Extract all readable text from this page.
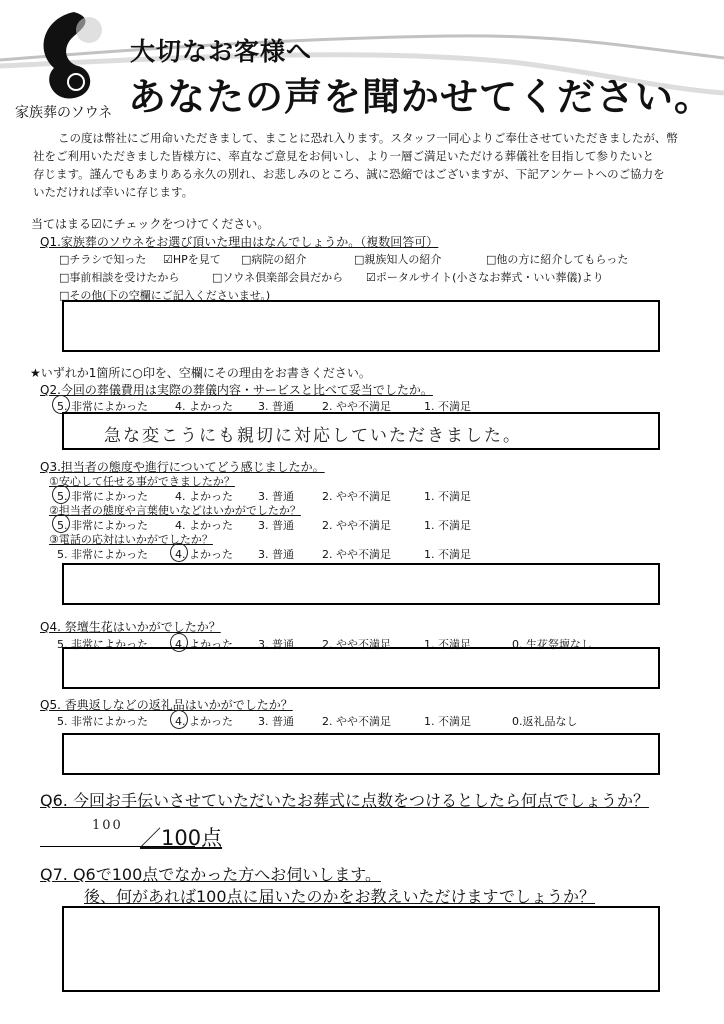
家族葬のソウネ
大切なお客様へ
あなたの声を聞かせてください。
この度は幣社にご用命いただきまして、まことに恐れ入ります。スタッフ一同心よりご奉仕させていただきましたが、幣
社をご利用いただきました皆様方に、率直なご意見をお伺いし、より一層ご満足いただける葬儀社を目指して参りたいと
存じます。謹んでもあまりある永久の別れ、お悲しみのところ、誠に恐縮ではございますが、下記アンケートへのご協力を
いただければ幸いに存じます。
当てはまる☑にチェックをつけてください。
Q1.家族葬のソウネをお選び頂いた理由はなんでしょうか。（複数回答可）
□チラシで知った ☑HPを見て □病院の紹介	□親族知人の紹介	□他の方に紹介してもらった
□事前相談を受けたから	□ソウネ倶楽部会員だから ☑ポータルサイト(小さなお葬式・いい葬儀)より
□その他(下の空欄にご記入くださいませ。)
★いずれか1箇所に○印を、空欄にその理由をお書きください。
Q2.今回の葬儀費用は実際の葬儀内容・サービスと比べて妥当でしたか。
5. 非常によかった 4. よかった 3. 普通	2. やや不満足	1. 不満足
急な変こうにも親切に対応していただきました。
Q3.担当者の態度や進行についてどう感じましたか。
①安心して任せる事ができましたか？
5. 非常によかった 4. よかった 3. 普通	2. やや不満足	1. 不満足
②担当者の態度や言葉使いなどはいかがでしたか？
5. 非常によかった 4. よかった 3. 普通	2. やや不満足	1. 不満足
③電話の応対はいかがでしたか？
5. 非常によかった 4. よかった 3. 普通	2. やや不満足	1. 不満足
Q4. 祭壇生花はいかがでしたか？
5. 非常によかった 4. よかった 3. 普通	2. やや不満足	1. 不満足	0. 生花祭壇なし
Q5. 香典返しなどの返礼品はいかがでしたか？
5. 非常によかった 4. よかった 3. 普通	2. やや不満足	1. 不満足	0.返礼品なし
Q6. 今回お手伝いさせていただいたお葬式に点数をつけるとしたら何点でしょうか？
100
／100点
Q7. Q6で100点でなかった方へお伺いします。
後、何があれば100点に届いたのかをお教えいただけますでしょうか？
